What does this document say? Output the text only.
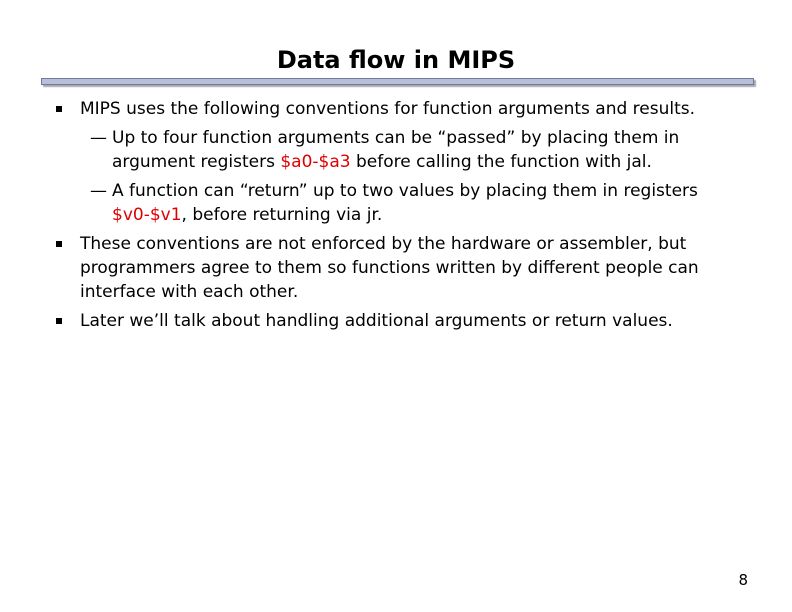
Data flow in MIPS

MIPS uses the following conventions for function arguments and results.

— Up to four function arguments can be “passed” by placing them in argument registers $a0-$a3 before calling the function with jal.

— A function can “return” up to two values by placing them in registers $v0-$v1, before returning via jr.

These conventions are not enforced by the hardware or assembler, but programmers agree to them so functions written by different people can interface with each other.

Later we’ll talk about handling additional arguments or return values.

8
